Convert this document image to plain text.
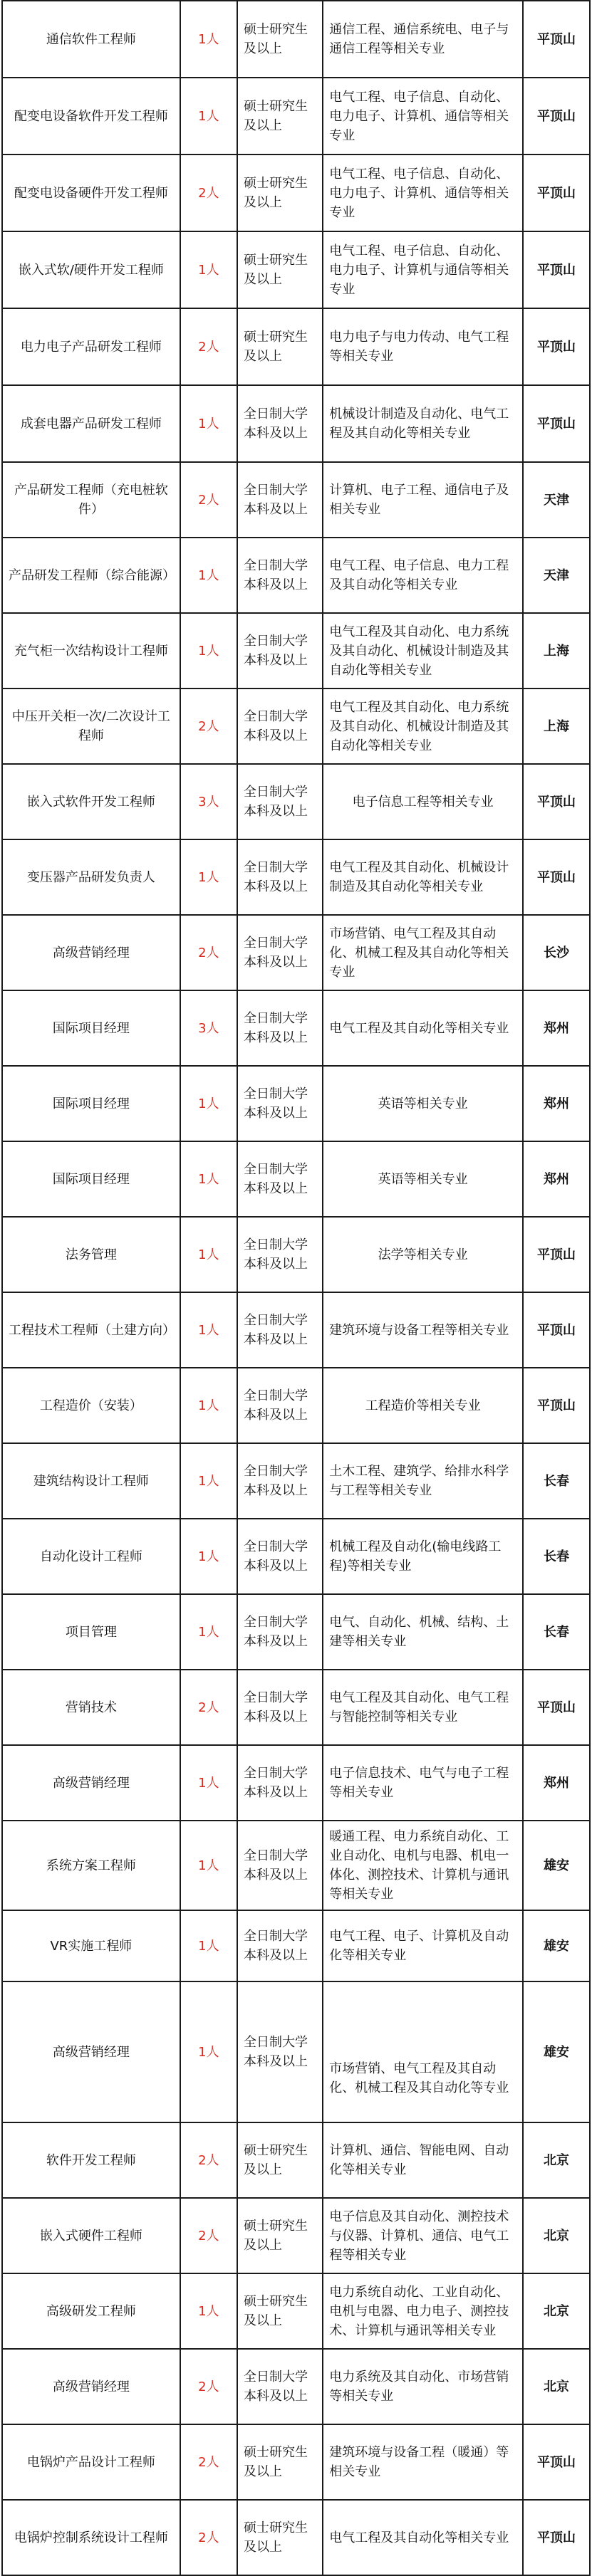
通信软件工程师	1人	硕士研究生及以上	通信工程、通信系统电、电子与通信工程等相关专业	平顶山
配变电设备软件开发工程师	1人	硕士研究生及以上	电气工程、电子信息、自动化、电力电子、计算机、通信等相关专业	平顶山
配变电设备硬件开发工程师	2人	硕士研究生及以上	电气工程、电子信息、自动化、电力电子、计算机、通信等相关专业	平顶山
嵌入式软/硬件开发工程师	1人	硕士研究生及以上	电气工程、电子信息、自动化、电力电子、计算机与通信等相关专业	平顶山
电力电子产品研发工程师	2人	硕士研究生及以上	电力电子与电力传动、电气工程等相关专业	平顶山
成套电器产品研发工程师	1人	全日制大学本科及以上	机械设计制造及自动化、电气工程及其自动化等相关专业	平顶山
产品研发工程师（充电桩软件）	2人	全日制大学本科及以上	计算机、电子工程、通信电子及相关专业	天津
产品研发工程师（综合能源）	1人	全日制大学本科及以上	电气工程、电子信息、电力工程及其自动化等相关专业	天津
充气柜一次结构设计工程师	1人	全日制大学本科及以上	电气工程及其自动化、电力系统及其自动化、机械设计制造及其自动化等相关专业	上海
中压开关柜一次/二次设计工程师	2人	全日制大学本科及以上	电气工程及其自动化、电力系统及其自动化、机械设计制造及其自动化等相关专业	上海
嵌入式软件开发工程师	3人	全日制大学本科及以上	电子信息工程等相关专业	平顶山
变压器产品研发负责人	1人	全日制大学本科及以上	电气工程及其自动化、机械设计制造及其自动化等相关专业	平顶山
高级营销经理	2人	全日制大学本科及以上	市场营销、电气工程及其自动化、机械工程及其自动化等相关专业	长沙
国际项目经理	3人	全日制大学本科及以上	电气工程及其自动化等相关专业	郑州
国际项目经理	1人	全日制大学本科及以上	英语等相关专业	郑州
国际项目经理	1人	全日制大学本科及以上	英语等相关专业	郑州
法务管理	1人	全日制大学本科及以上	法学等相关专业	平顶山
工程技术工程师（土建方向）	1人	全日制大学本科及以上	建筑环境与设备工程等相关专业	平顶山
工程造价（安装）	1人	全日制大学本科及以上	工程造价等相关专业	平顶山
建筑结构设计工程师	1人	全日制大学本科及以上	土木工程、建筑学、给排水科学与工程等相关专业	长春
自动化设计工程师	1人	全日制大学本科及以上	机械工程及自动化(输电线路工程)等相关专业	长春
项目管理	1人	全日制大学本科及以上	电气、自动化、机械、结构、土建等相关专业	长春
营销技术	2人	全日制大学本科及以上	电气工程及其自动化、电气工程与智能控制等相关专业	平顶山
高级营销经理	1人	全日制大学本科及以上	电子信息技术、电气与电子工程等相关专业	郑州
系统方案工程师	1人	全日制大学本科及以上	暖通工程、电力系统自动化、工业自动化、电机与电器、机电一体化、测控技术、计算机与通讯等相关专业	雄安
VR实施工程师	1人	全日制大学本科及以上	电气工程、电子、计算机及自动化等相关专业	雄安
高级营销经理	1人	全日制大学本科及以上	市场营销、电气工程及其自动化、机械工程及其自动化等专业	雄安
软件开发工程师	2人	硕士研究生及以上	计算机、通信、智能电网、自动化等相关专业	北京
嵌入式硬件工程师	2人	硕士研究生及以上	电子信息及其自动化、测控技术与仪器、计算机、通信、电气工程等相关专业	北京
高级研发工程师	1人	硕士研究生及以上	电力系统自动化、工业自动化、电机与电器、电力电子、测控技术、计算机与通讯等相关专业	北京
高级营销经理	2人	全日制大学本科及以上	电力系统及其自动化、市场营销等相关专业	北京
电锅炉产品设计工程师	2人	硕士研究生及以上	建筑环境与设备工程（暖通）等相关专业	平顶山
电锅炉控制系统设计工程师	2人	硕士研究生及以上	电气工程及其自动化等相关专业	平顶山
